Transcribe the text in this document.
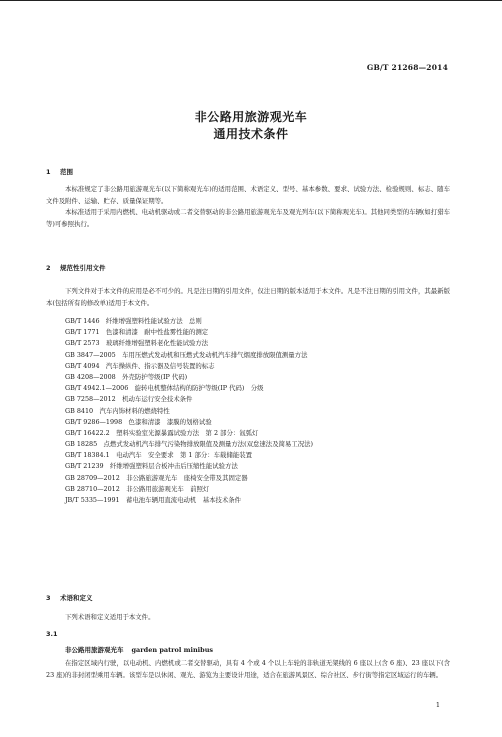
GB/T 21268—2014
非公路用旅游观光车
通用技术条件
1 范围
本标准规定了非公路用旅游观光车(以下简称观光车)的适用范围、术语定义、型号、基本参数、要求、试验方法、检验规则、标志、随车文件及附件、运输、贮存、质量保证期等。
本标准适用于采用内燃机、电动机驱动或二者交替驱动的非公路用旅游观光车及观光列车(以下简称观光车)。其他同类型的车辆(如打猎车等)可参照执行。
2 规范性引用文件
下列文件对于本文件的应用是必不可少的。凡是注日期的引用文件，仅注日期的版本适用于本文件。凡是不注日期的引用文件，其最新版本(包括所有的修改单)适用于本文件。
GB/T 1446　纤维增强塑料性能试验方法　总则
GB/T 1771　色漆和清漆　耐中性盐雾性能的测定
GB/T 2573　玻璃纤维增强塑料老化性能试验方法
GB 3847—2005　车用压燃式发动机和压燃式发动机汽车排气烟度排放限值测量方法
GB/T 4094　汽车操纵件、指示器及信号装置的标志
GB 4208—2008　外壳防护等级(IP 代码)
GB/T 4942.1—2006　旋转电机整体结构的防护等级(IP 代码)　分级
GB 7258—2012　机动车运行安全技术条件
GB 8410　汽车内饰材料的燃烧特性
GB/T 9286—1998　色漆和清漆　漆膜的划格试验
GB/T 16422.2　塑料实验室光源暴露试验方法　第 2 部分：氙弧灯
GB 18285　点燃式发动机汽车排气污染物排放限值及测量方法(双怠速法及简易工况法)
GB/T 18384.1　电动汽车　安全要求　第 1 部分：车载储能装置
GB/T 21239　纤维增强塑料层合板冲击后压缩性能试验方法
GB 28709—2012　非公路旅游观光车　座椅安全带及其固定器
GB 28710—2012　非公路用旅游观光车　前照灯
JB/T 5335—1991　蓄电池车辆用直流电动机　基本技术条件
3 术语和定义
下列术语和定义适用于本文件。
3.1
非公路用旅游观光车 garden patrol minibus
在指定区域内行驶，以电动机、内燃机或二者交替驱动，具有 4 个或 4 个以上车轮的非轨道无架线的 6 座以上(含 6 座)、23 座以下(含 23 座)的非封闭型乘用车辆。该型车是以休闲、观光、游览为主要设计用途，适合在旅游风景区、综合社区、步行街等指定区域运行的车辆。
1
